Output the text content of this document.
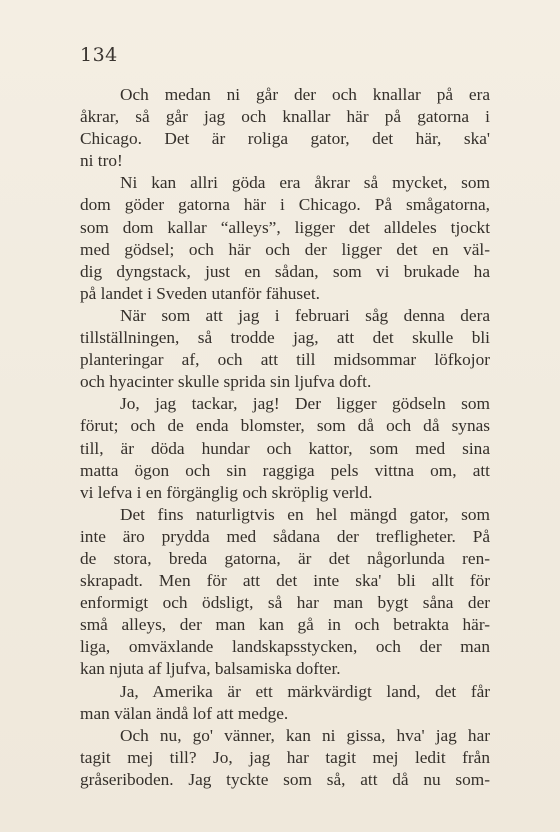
134
Och medan ni går der och knallar på era
åkrar, så går jag och knallar här på gatorna i
Chicago. Det är roliga gator, det här, ska'
ni tro!
Ni kan allri göda era åkrar så mycket, som
dom göder gatorna här i Chicago. På smågatorna,
som dom kallar “alleys”, ligger det alldeles tjockt
med gödsel; och här och der ligger det en väl-
dig dyngstack, just en sådan, som vi brukade ha
på landet i Sveden utanför fähuset.
När som att jag i februari såg denna dera
tillställningen, så trodde jag, att det skulle bli
planteringar af, och att till midsommar löfkojor
och hyacinter skulle sprida sin ljufva doft.
Jo, jag tackar, jag! Der ligger gödseln som
förut; och de enda blomster, som då och då synas
till, är döda hundar och kattor, som med sina
matta ögon och sin raggiga pels vittna om, att
vi lefva i en förgänglig och skröplig verld.
Det fins naturligtvis en hel mängd gator, som
inte äro prydda med sådana der trefligheter. På
de stora, breda gatorna, är det någorlunda ren-
skrapadt. Men för att det inte ska' bli allt för
enformigt och ödsligt, så har man bygt såna der
små alleys, der man kan gå in och betrakta här-
liga, omväxlande landskapsstycken, och der man
kan njuta af ljufva, balsamiska dofter.
Ja, Amerika är ett märkvärdigt land, det får
man välan ändå lof att medge.
Och nu, go' vänner, kan ni gissa, hva' jag har
tagit mej till? Jo, jag har tagit mej ledit från
gråseriboden. Jag tyckte som så, att då nu som-
